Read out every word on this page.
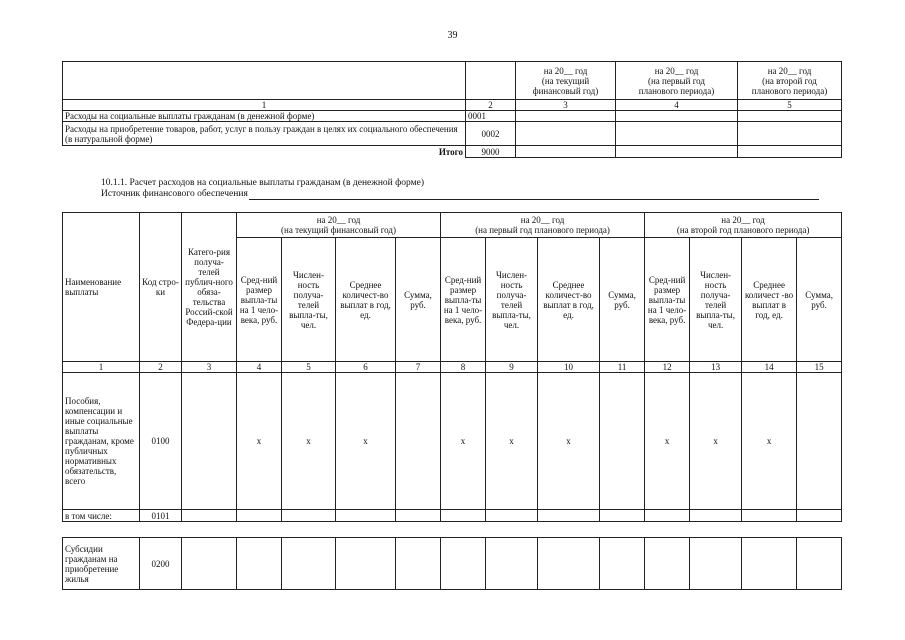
39
		на 20__ год
(на текущий
финансовый год)	на 20__ год
(на первый год
планового периода)	на 20__ год
(на второй год
планового периода)
1	2	3	4	5
Расходы на социальные выплаты гражданам (в денежной форме)	0001			
Расходы на приобретение товаров, работ, услуг в пользу граждан в целях их социального обеспечения (в натуральной форме)	0002			
Итого	9000			
10.1.1. Расчет расходов на социальные выплаты гражданам (в денежной форме)
Источник финансового обеспечения
Наименование выплаты	Код стро-ки	Катего-рия получа-телей публич-ного обяза-тельства Россий-ской Федера-ции	на 20__ год
(на текущий финансовый год)				на 20__ год
(на первый год планового периода)				на 20__ год
(на второй год планового периода)			
			Сред-ний размер выпла-ты на 1 чело-века, руб.	Числен-ность получа-телей выпла-ты, чел.	Среднее количест-во выплат в год, ед.	Сумма, руб.	Сред-ний размер выпла-ты на 1 чело-века, руб.	Числен-ность получа-телей выпла-ты, чел.	Среднее количест-во выплат в год, ед.	Сумма, руб.	Сред-ний размер выпла-ты на 1 чело-века, руб.	Числен-ность получа-телей выпла-ты, чел.	Среднее количест -во выплат в год, ед.	Сумма, руб.
1	2	3	4	5	6	7	8	9	10	11	12	13	14	15
Пособия, компенсации и иные социальные выплаты гражданам, кроме публичных нормативных обязательств, всего	0100		x	x	x		x	x	x		x	x	x	
в том числе:	0101													
Субсидии гражданам на приобретение жилья	0200													
